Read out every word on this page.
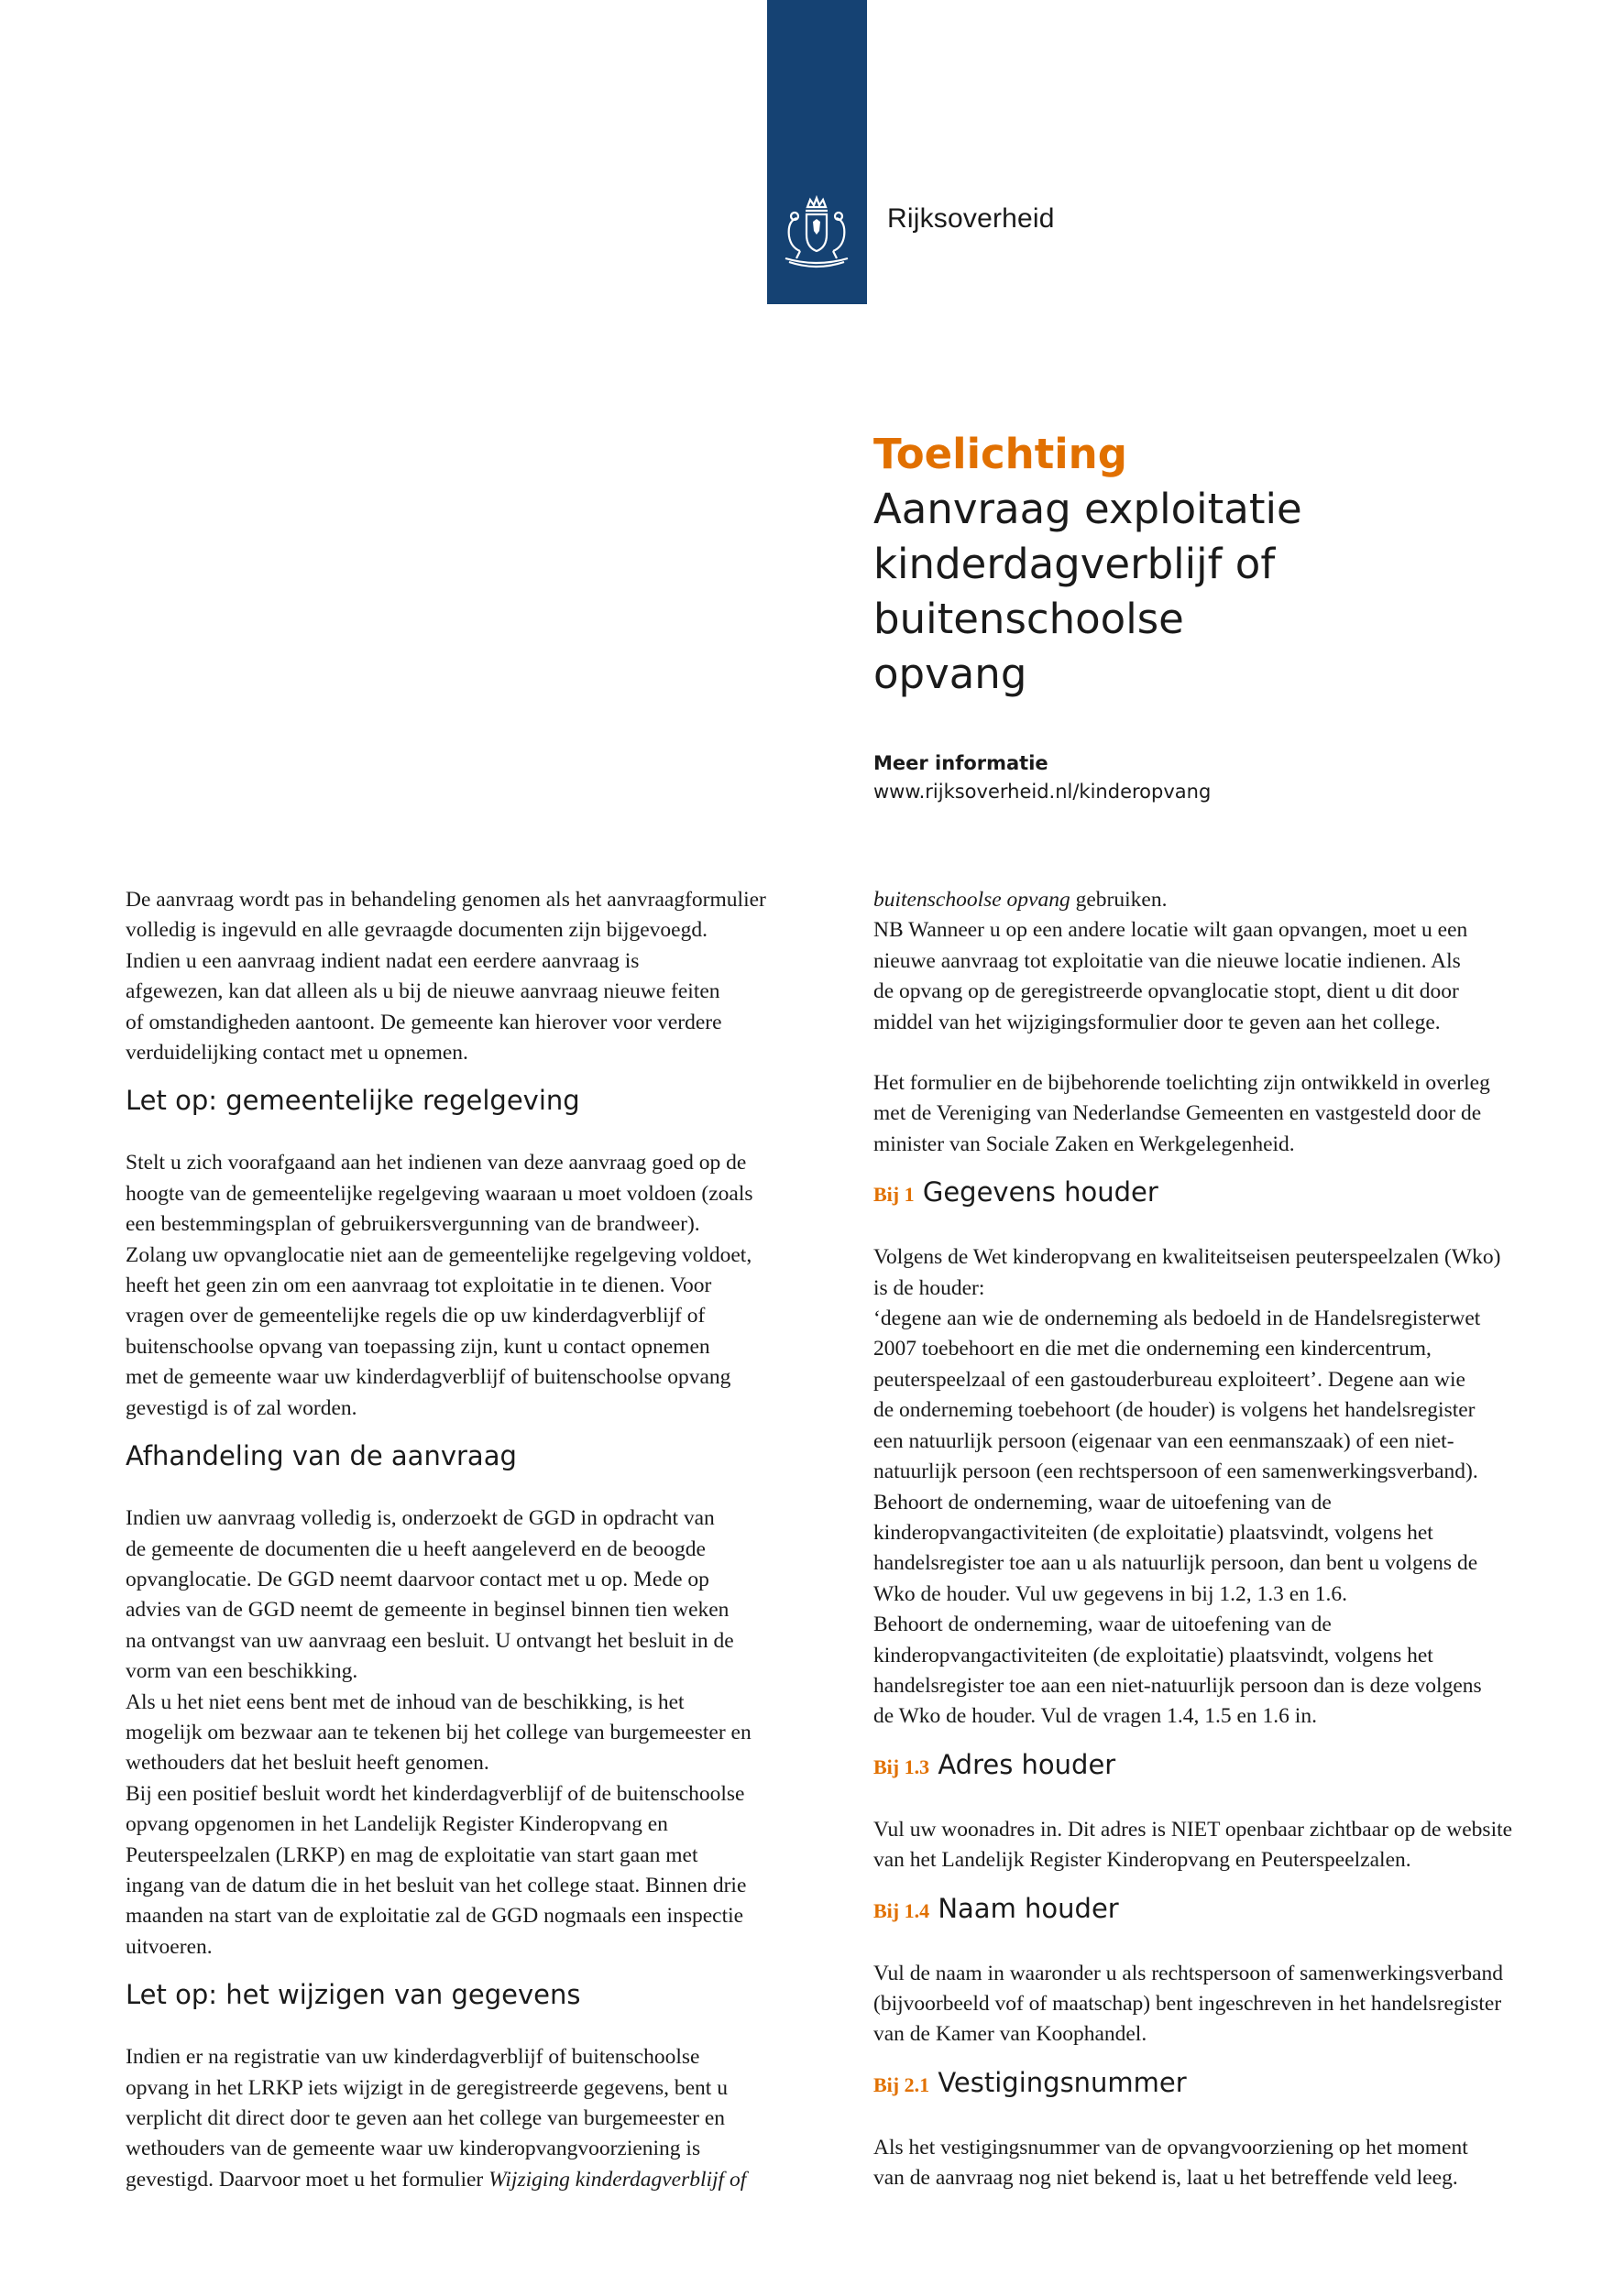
Rijksoverheid
Toelichting
Aanvraag exploitatie
kinderdagverblijf of buitenschoolse
opvang
Meer informatie
www.rijksoverheid.nl/kinderopvang

De aanvraag wordt pas in behandeling genomen als het aanvraagformulier
volledig is ingevuld en alle gevraagde documenten zijn bijgevoegd.
Indien u een aanvraag indient nadat een eerdere aanvraag is
afgewezen, kan dat alleen als u bij de nieuwe aanvraag nieuwe feiten
of omstandigheden aantoont. De gemeente kan hierover voor verdere
verduidelijking contact met u opnemen.

Let op: gemeentelijke regelgeving

Stelt u zich voorafgaand aan het indienen van deze aanvraag goed op de
hoogte van de gemeentelijke regelgeving waaraan u moet voldoen (zoals
een bestemmingsplan of gebruikersvergunning van de brandweer).
Zolang uw opvanglocatie niet aan de gemeentelijke regelgeving voldoet,
heeft het geen zin om een aanvraag tot exploitatie in te dienen. Voor
vragen over de gemeentelijke regels die op uw kinderdagverblijf of
buitenschoolse opvang van toepassing zijn, kunt u contact opnemen
met de gemeente waar uw kinderdagverblijf of buitenschoolse opvang
gevestigd is of zal worden.

Afhandeling van de aanvraag

Indien uw aanvraag volledig is, onderzoekt de GGD in opdracht van
de gemeente de documenten die u heeft aangeleverd en de beoogde
opvanglocatie. De GGD neemt daarvoor contact met u op. Mede op
advies van de GGD neemt de gemeente in beginsel binnen tien weken
na ontvangst van uw aanvraag een besluit. U ontvangt het besluit in de
vorm van een beschikking.
Als u het niet eens bent met de inhoud van de beschikking, is het
mogelijk om bezwaar aan te tekenen bij het college van burgemeester en
wethouders dat het besluit heeft genomen.
Bij een positief besluit wordt het kinderdagverblijf of de buitenschoolse
opvang opgenomen in het Landelijk Register Kinderopvang en
Peuterspeelzalen (LRKP) en mag de exploitatie van start gaan met
ingang van de datum die in het besluit van het college staat. Binnen drie
maanden na start van de exploitatie zal de GGD nogmaals een inspectie
uitvoeren.

Let op: het wijzigen van gegevens

Indien er na registratie van uw kinderdagverblijf of buitenschoolse
opvang in het LRKP iets wijzigt in de geregistreerde gegevens, bent u
verplicht dit direct door te geven aan het college van burgemeester en
wethouders van de gemeente waar uw kinderopvangvoorziening is
gevestigd. Daarvoor moet u het formulier Wijziging kinderdagverblijf of

buitenschoolse opvang gebruiken.
NB Wanneer u op een andere locatie wilt gaan opvangen, moet u een
nieuwe aanvraag tot exploitatie van die nieuwe locatie indienen. Als
de opvang op de geregistreerde opvanglocatie stopt, dient u dit door
middel van het wijzigingsformulier door te geven aan het college.

Het formulier en de bijbehorende toelichting zijn ontwikkeld in overleg
met de Vereniging van Nederlandse Gemeenten en vastgesteld door de
minister van Sociale Zaken en Werkgelegenheid.

Bij 1 Gegevens houder

Volgens de Wet kinderopvang en kwaliteitseisen peuterspeelzalen (Wko)
is de houder:
‘degene aan wie de onderneming als bedoeld in de Handelsregisterwet
2007 toebehoort en die met die onderneming een kindercentrum,
peuterspeelzaal of een gastouderbureau exploiteert’. Degene aan wie
de onderneming toebehoort (de houder) is volgens het handelsregister
een natuurlijk persoon (eigenaar van een eenmanszaak) of een niet-
natuurlijk persoon (een rechtspersoon of een samenwerkingsverband).
Behoort de onderneming, waar de uitoefening van de
kinderopvangactiviteiten (de exploitatie) plaatsvindt, volgens het
handelsregister toe aan u als natuurlijk persoon, dan bent u volgens de
Wko de houder. Vul uw gegevens in bij 1.2, 1.3 en 1.6.
Behoort de onderneming, waar de uitoefening van de
kinderopvangactiviteiten (de exploitatie) plaatsvindt, volgens het
handelsregister toe aan een niet-natuurlijk persoon dan is deze volgens
de Wko de houder. Vul de vragen 1.4, 1.5 en 1.6 in.

Bij 1.3 Adres houder

Vul uw woonadres in. Dit adres is NIET openbaar zichtbaar op de website
van het Landelijk Register Kinderopvang en Peuterspeelzalen.

Bij 1.4 Naam houder

Vul de naam in waaronder u als rechtspersoon of samenwerkingsverband
(bijvoorbeeld vof of maatschap) bent ingeschreven in het handelsregister
van de Kamer van Koophandel.

Bij 2.1 Vestigingsnummer

Als het vestigingsnummer van de opvangvoorziening op het moment
van de aanvraag nog niet bekend is, laat u het betreffende veld leeg.
